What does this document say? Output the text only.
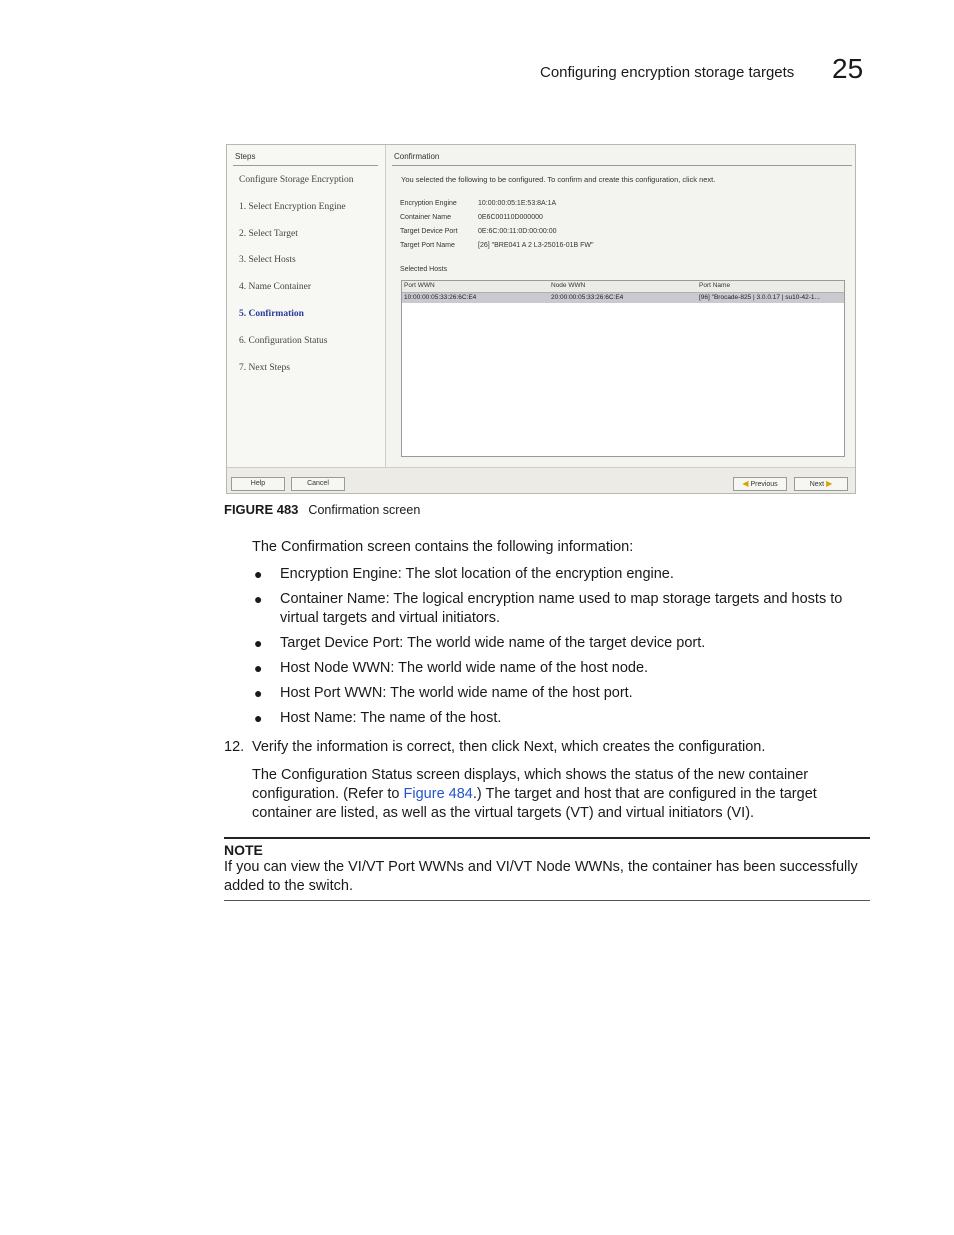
Configuring encryption storage targets 25
Steps
Configure Storage Encryption
1. Select Encryption Engine
2. Select Target
3. Select Hosts
4. Name Container
5. Confirmation
6. Configuration Status
7. Next Steps
Confirmation
You selected the following to be configured. To confirm and create this configuration, click next.
Encryption Engine	10:00:00:05:1E:53:8A:1A
Container Name	0E6C00110D000000
Target Device Port	0E:6C:00:11:0D:00:00:00
Target Port Name	[26] "BRE041 A 2 L3-25016-01B FW"
Selected Hosts
Port WWN	Node WWN	Port Name
10:00:00:05:33:26:6C:E4	20:00:00:05:33:26:6C:E4	[96] "Brocade-825 | 3.0.0.17 | su10-42-1...
Help	Cancel	◀ Previous	Next ▶
FIGURE 483 Confirmation screen
The Confirmation screen contains the following information:
● Encryption Engine: The slot location of the encryption engine.
● Container Name: The logical encryption name used to map storage targets and hosts to virtual targets and virtual initiators.
● Target Device Port: The world wide name of the target device port.
● Host Node WWN: The world wide name of the host node.
● Host Port WWN: The world wide name of the host port.
● Host Name: The name of the host.
12. Verify the information is correct, then click Next, which creates the configuration.
The Configuration Status screen displays, which shows the status of the new container configuration. (Refer to Figure 484.) The target and host that are configured in the target container are listed, as well as the virtual targets (VT) and virtual initiators (VI).
NOTE
If you can view the VI/VT Port WWNs and VI/VT Node WWNs, the container has been successfully added to the switch.
